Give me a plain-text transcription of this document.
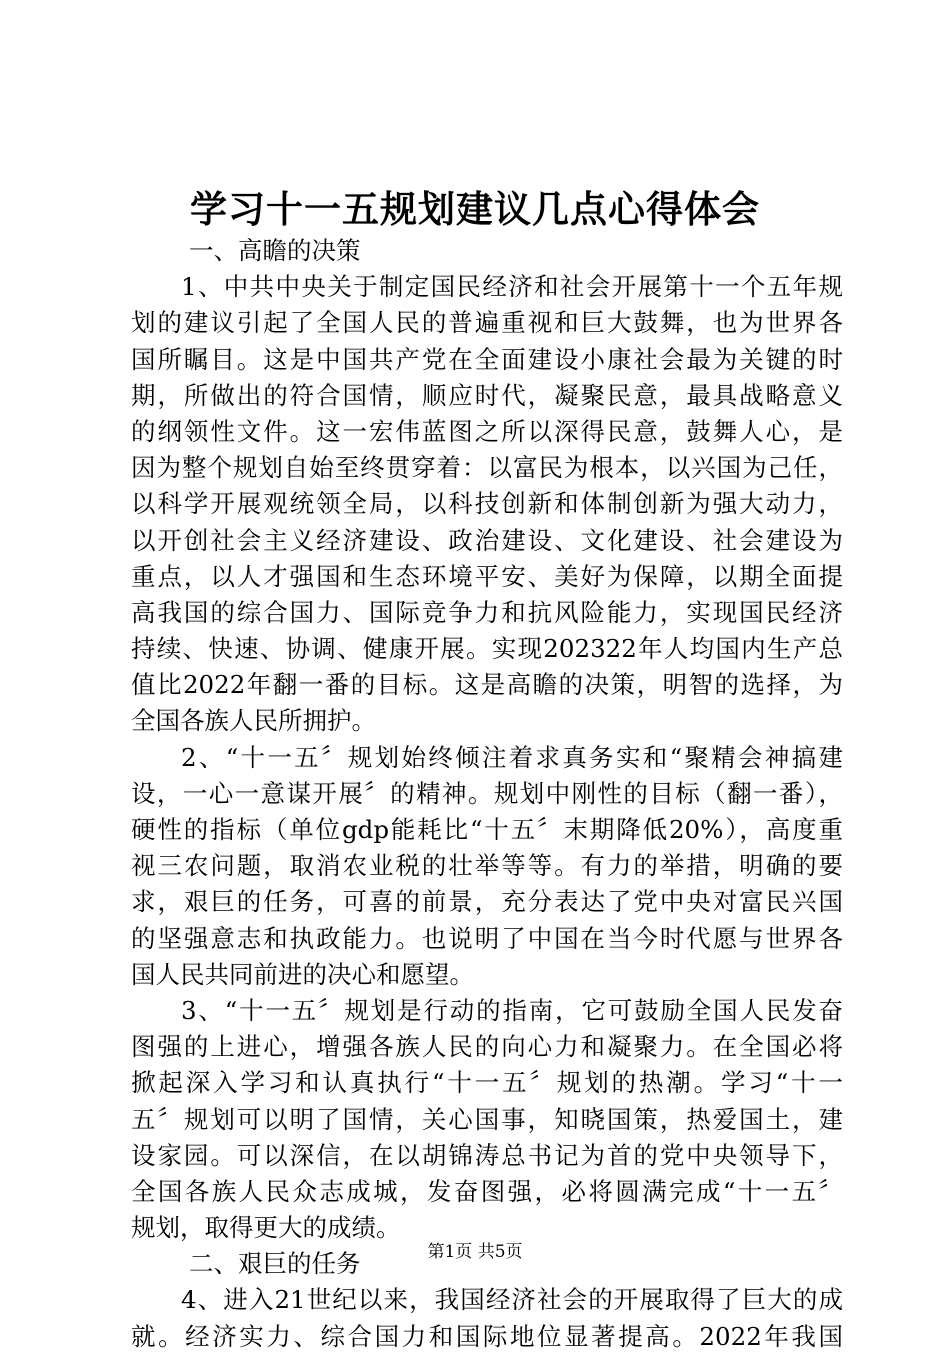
学习十一五规划建议几点心得体会
一、高瞻的决策
1、中共中央关于制定国民经济和社会开展第十一个五年规
划的建议引起了全国人民的普遍重视和巨大鼓舞，也为世界各
国所瞩目。这是中国共产党在全面建设小康社会最为关键的时
期，所做出的符合国情，顺应时代，凝聚民意，最具战略意义
的纲领性文件。这一宏伟蓝图之所以深得民意，鼓舞人心，是
因为整个规划自始至终贯穿着：以富民为根本，以兴国为己任，
以科学开展观统领全局，以科技创新和体制创新为强大动力，
以开创社会主义经济建设、政治建设、文化建设、社会建设为
重点，以人才强国和生态环境平安、美好为保障，以期全面提
高我国的综合国力、国际竞争力和抗风险能力，实现国民经济
持续、快速、协调、健康开展。实现202322年人均国内生产总
值比2022年翻一番的目标。这是高瞻的决策，明智的选择，为
全国各族人民所拥护。
2、“十一五〞规划始终倾注着求真务实和“聚精会神搞建
设，一心一意谋开展〞的精神。规划中刚性的目标（翻一番），
硬性的指标（单位gdp能耗比“十五〞末期降低20%），高度重
视三农问题，取消农业税的壮举等等。有力的举措，明确的要
求，艰巨的任务，可喜的前景，充分表达了党中央对富民兴国
的坚强意志和执政能力。也说明了中国在当今时代愿与世界各
国人民共同前进的决心和愿望。
3、“十一五〞规划是行动的指南，它可鼓励全国人民发奋
图强的上进心，增强各族人民的向心力和凝聚力。在全国必将
掀起深入学习和认真执行“十一五〞规划的热潮。学习“十一
五〞规划可以明了国情，关心国事，知晓国策，热爱国土，建
设家园。可以深信，在以胡锦涛总书记为首的党中央领导下，
全国各族人民众志成城，发奋图强，必将圆满完成“十一五〞
规划，取得更大的成绩。
二、艰巨的任务
4、进入21世纪以来，我国经济社会的开展取得了巨大的成
就。经济实力、综合国力和国际地位显著提高。2022年我国
第1页 共5页
